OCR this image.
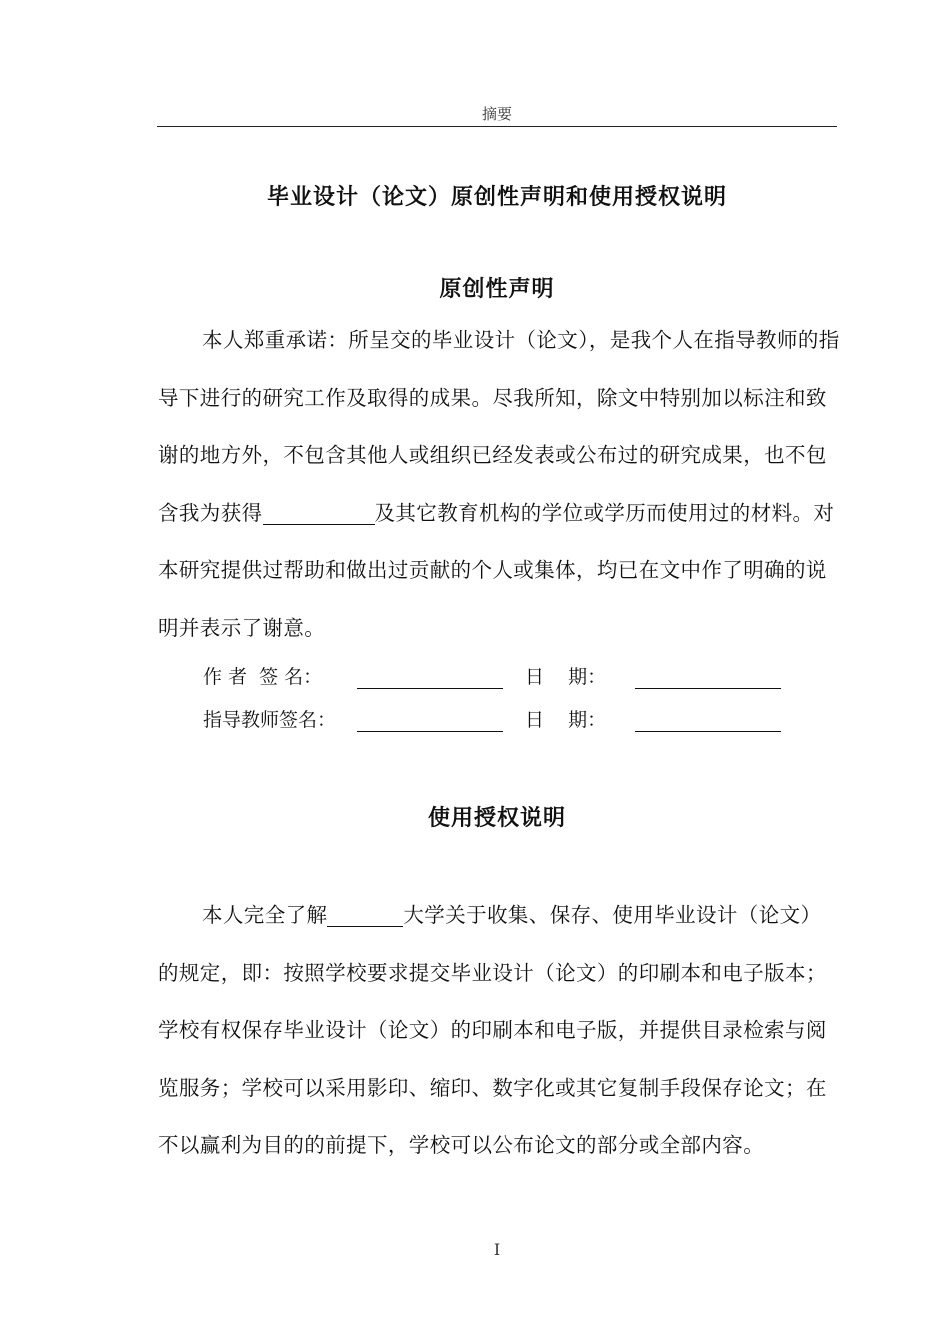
摘要
毕业设计（论文）原创性声明和使用授权说明
原创性声明

本人郑重承诺：所呈交的毕业设计（论文），是我个人在指导教师的指导下进行的研究工作及取得的成果。尽我所知，除文中特别加以标注和致谢的地方外，不包含其他人或组织已经发表或公布过的研究成果，也不包含我为获得	及其它教育机构的学位或学历而使用过的材料。对本研究提供过帮助和做出过贡献的个人或集体，均已在文中作了明确的说明并表示了谢意。

作 者  签 名：	日    期：
指导教师签名：	日    期：
使用授权说明

本人完全了解	大学关于收集、保存、使用毕业设计（论文）的规定，即：按照学校要求提交毕业设计（论文）的印刷本和电子版本；学校有权保存毕业设计（论文）的印刷本和电子版，并提供目录检索与阅览服务；学校可以采用影印、缩印、数字化或其它复制手段保存论文；在不以赢利为目的的前提下，学校可以公布论文的部分或全部内容。

I
